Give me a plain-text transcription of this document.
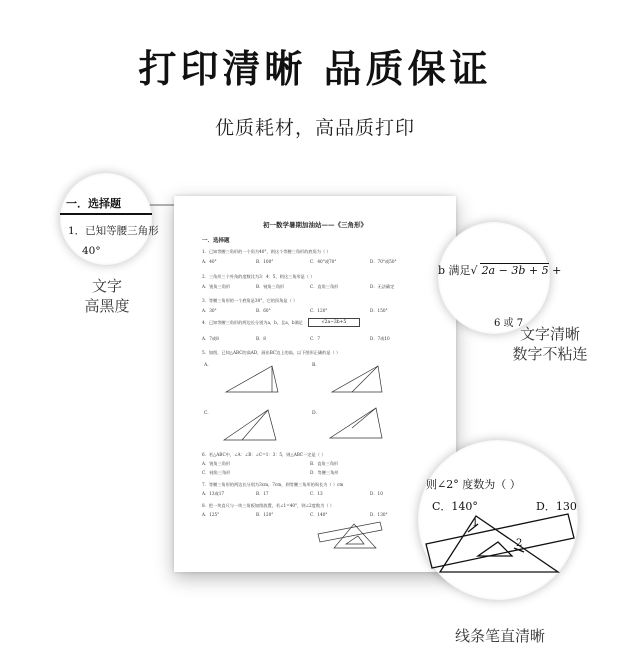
打印清晰 品质保证
优质耗材，高品质打印
初一数学暑期加油站——《三角形》
一．选择题
1．已知等腰三角形的一个角为40°，则这个等腰三角形的底角为（ ）
A．40°	B．100°	C．40°或70°	D．70°或50°
2．三角形三个外角的度数比为3：4：5，则这三角形是（ ）
A．锐角三角形	B．钝角三角形	C．直角三角形	D．无法确定
3．等腰三角形的一个底角是30°，它的顶角是（ ）
A．30°	B．60°	C．120°	D．150°
4．已知等腰三角形的两边长分别为a，b，且a，b满足	√2a−3b+5
A．7或8	B．8	C．7	D．7或10
5．如图，已知△ABC的高AD，画出BC边上的高，以下图形正确的是（ ）
A.	B.
C.	D.
6．若△ABC中，∠A：∠B：∠C=1：3：5，则△ABC一定是（ ）
A．锐角三角形	B．直角三角形
C．钝角三角形	D．等腰三角形
7．等腰三角形的两边长分别为3cm，7cm，则等腰三角形的周长为（ ）cm
A．13或17	B．17	C．13	D．10
8．把一块直尺与一块三角板如图放置，若∠1=40°，则∠2度数为（ ）
A．125°	B．120°	C．140°	D．130°
一．选择题
1．已知等腰三角形
40°
b 满足√ 2a − 3b + 5 +
6 或 7
则∠2° 度数为（ ）
C．140°	D．130
1
2
文字
高黑度
文字清晰
数字不粘连
线条笔直清晰
